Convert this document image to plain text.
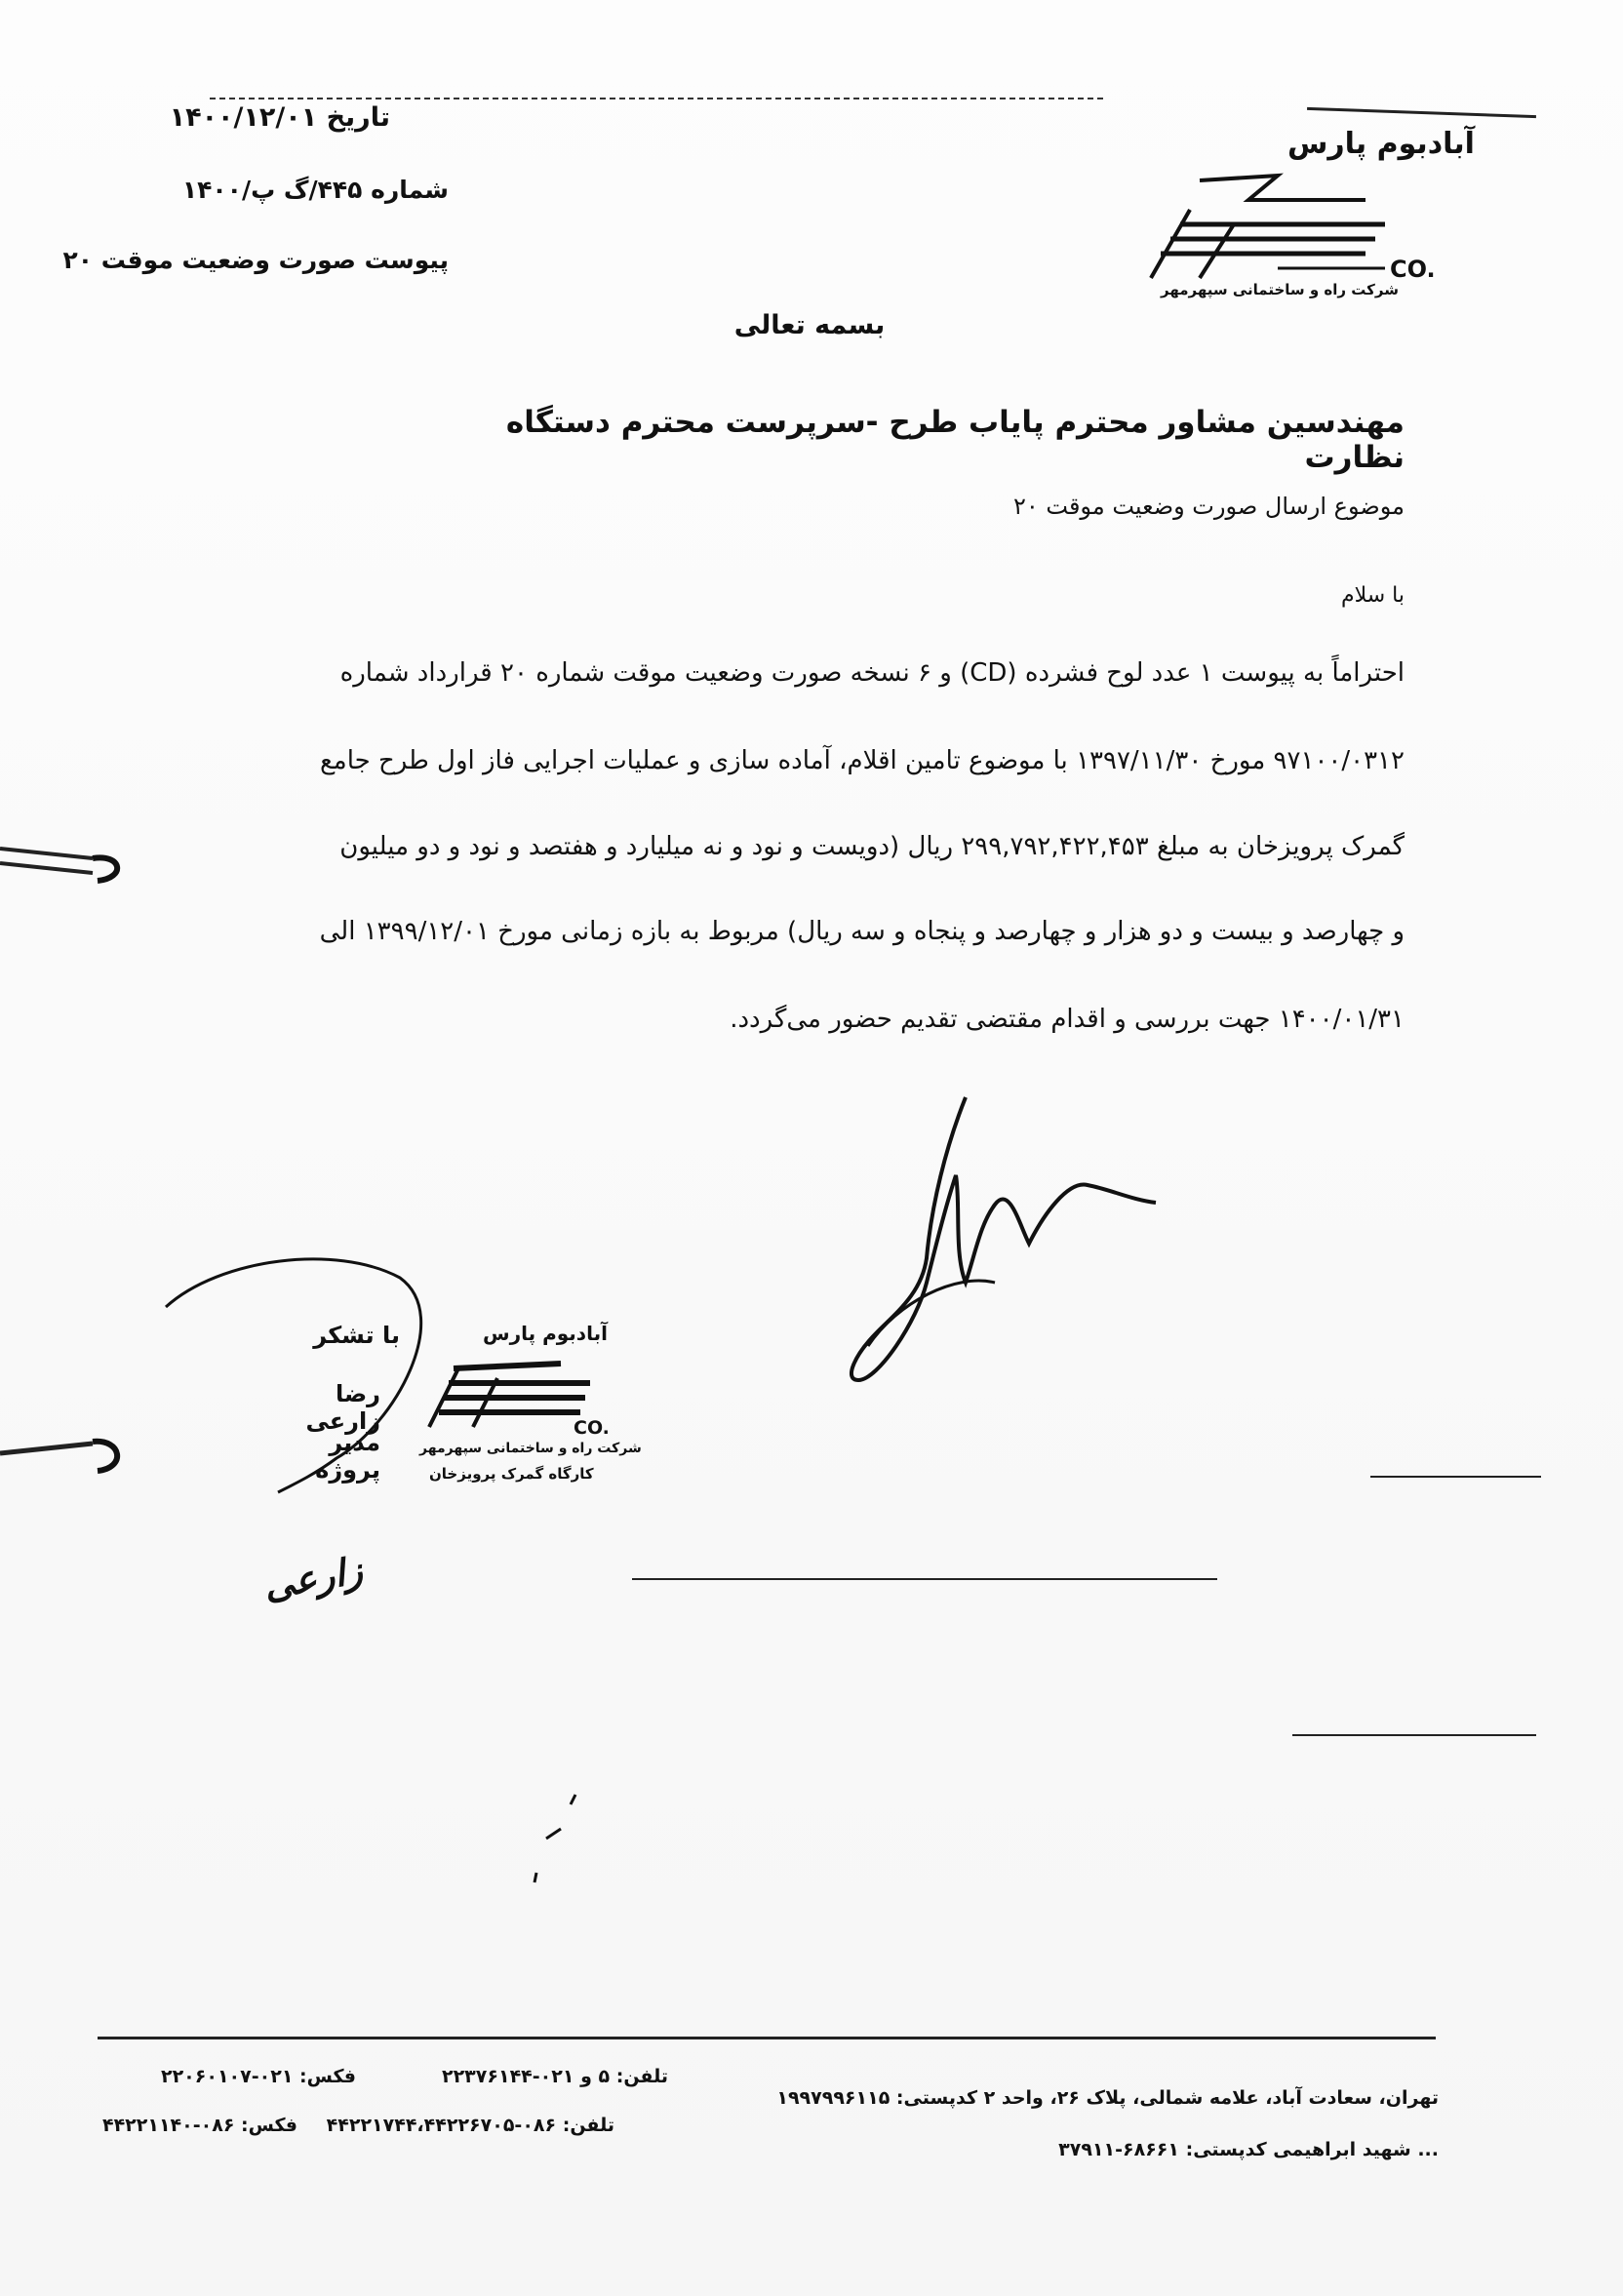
تاریخ ۱۴۰۰/۱۲/۰۱
شماره ۴۴۵/گ پ/۱۴۰۰
پیوست صورت وضعیت موقت ۲۰
آبادبوم پارس
CO.
شرکت راه و ساختمانی سپهرمهر
بسمه تعالی
مهندسین مشاور محترم پایاب طرح -سرپرست محترم دستگاه نظارت
موضوع ارسال صورت وضعیت موقت ۲۰
با سلام
احتراماً به پیوست ۱ عدد لوح فشرده (CD) و ۶ نسخه صورت وضعیت موقت شماره ۲۰ قرارداد شماره
۹۷۱۰۰/۰۳۱۲ مورخ ۱۳۹۷/۱۱/۳۰ با موضوع تامین اقلام، آماده سازی و عملیات اجرایی فاز اول طرح جامع
گمرک پرویزخان به مبلغ ۲۹۹,۷۹۲,۴۲۲,۴۵۳ ریال (دویست و نود و نه میلیارد و هفتصد و نود و دو میلیون
و چهارصد و بیست و دو هزار و چهارصد و پنجاه و سه ریال) مربوط به بازه زمانی مورخ ۱۳۹۹/۱۲/۰۱ الی
۱۴۰۰/۰۱/۳۱ جهت بررسی و اقدام مقتضی تقدیم حضور می‌گردد.
با تشکر
رضا زارعی
مدیر پروژه
آبادبوم پارس
CO.
شرکت راه و ساختمانی سپهرمهر
کارگاه گمرک پرویزخان
زارعی
تهران، سعادت آباد، علامه شمالی، پلاک ۲۶، واحد ۲ کدپستی: ۱۹۹۷۹۹۶۱۱۵
تلفن: ۵ و ۰۲۱-۲۲۳۷۶۱۴۴
فکس: ۰۲۱-۲۲۰۶۰۱۰۷
... شهید ابراهیمی کدپستی: ۶۸۶۶۱-۳۷۹۱۱
تلفن: ۰۸۶-۴۴۲۲۱۷۴۴،۴۴۲۲۶۷۰۵
فکس: ۰۸۶-۴۴۲۲۱۱۴۰
